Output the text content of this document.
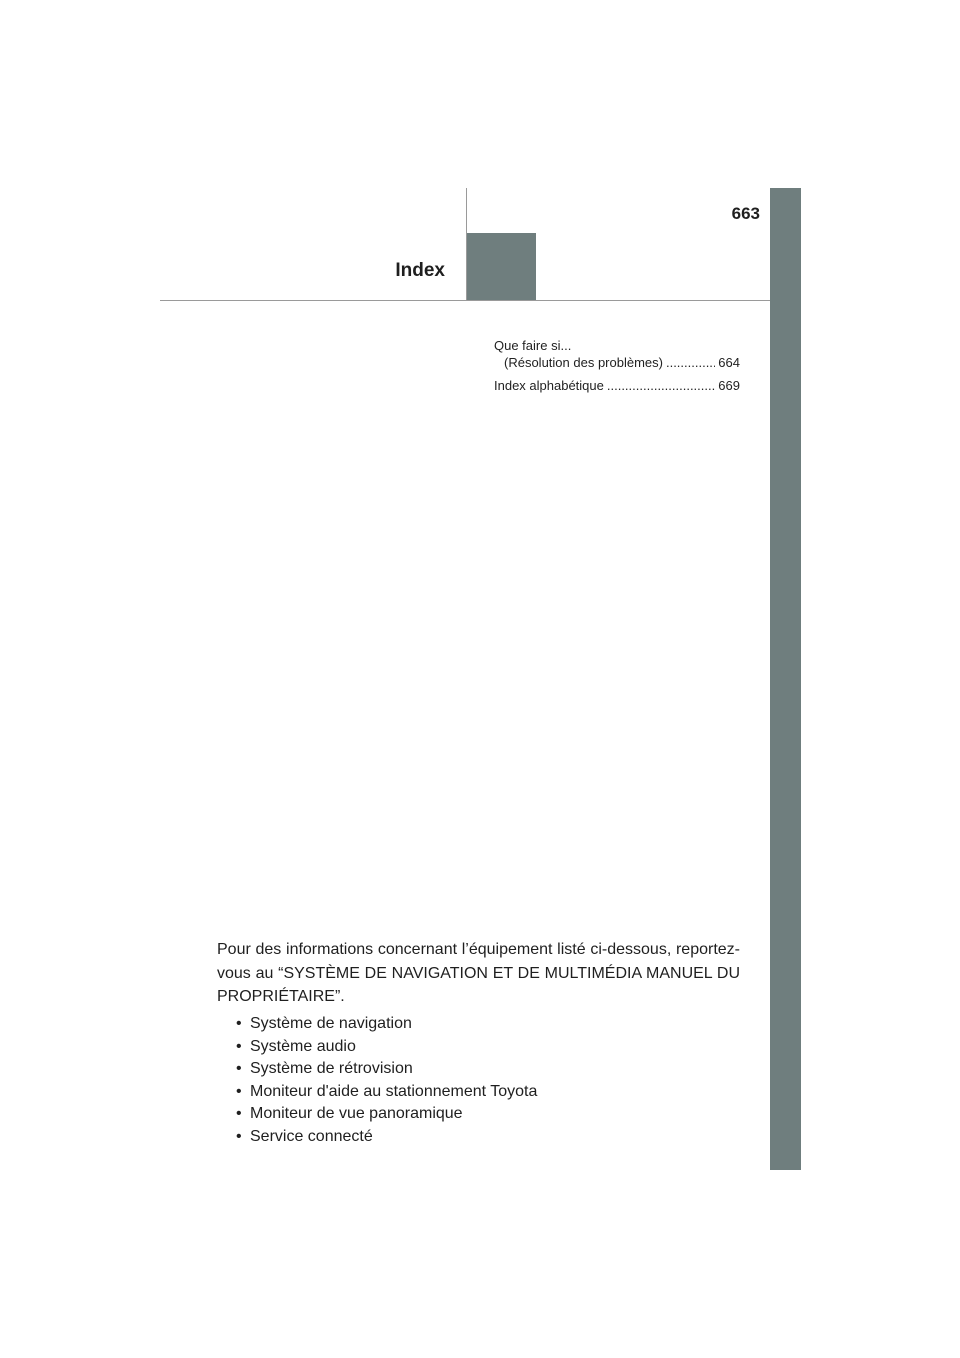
663
Index
Que faire si...
(Résolution des problèmes) .....	664
Index alphabétique .....	669

Pour des informations concernant l’équipement listé ci-dessous, reportez-vous au “SYSTÈME DE NAVIGATION ET DE MULTIMÉDIA MANUEL DU PROPRIÉTAIRE”.

• Système de navigation
• Système audio
• Système de rétrovision
• Moniteur d'aide au stationnement Toyota
• Moniteur de vue panoramique
• Service connecté
